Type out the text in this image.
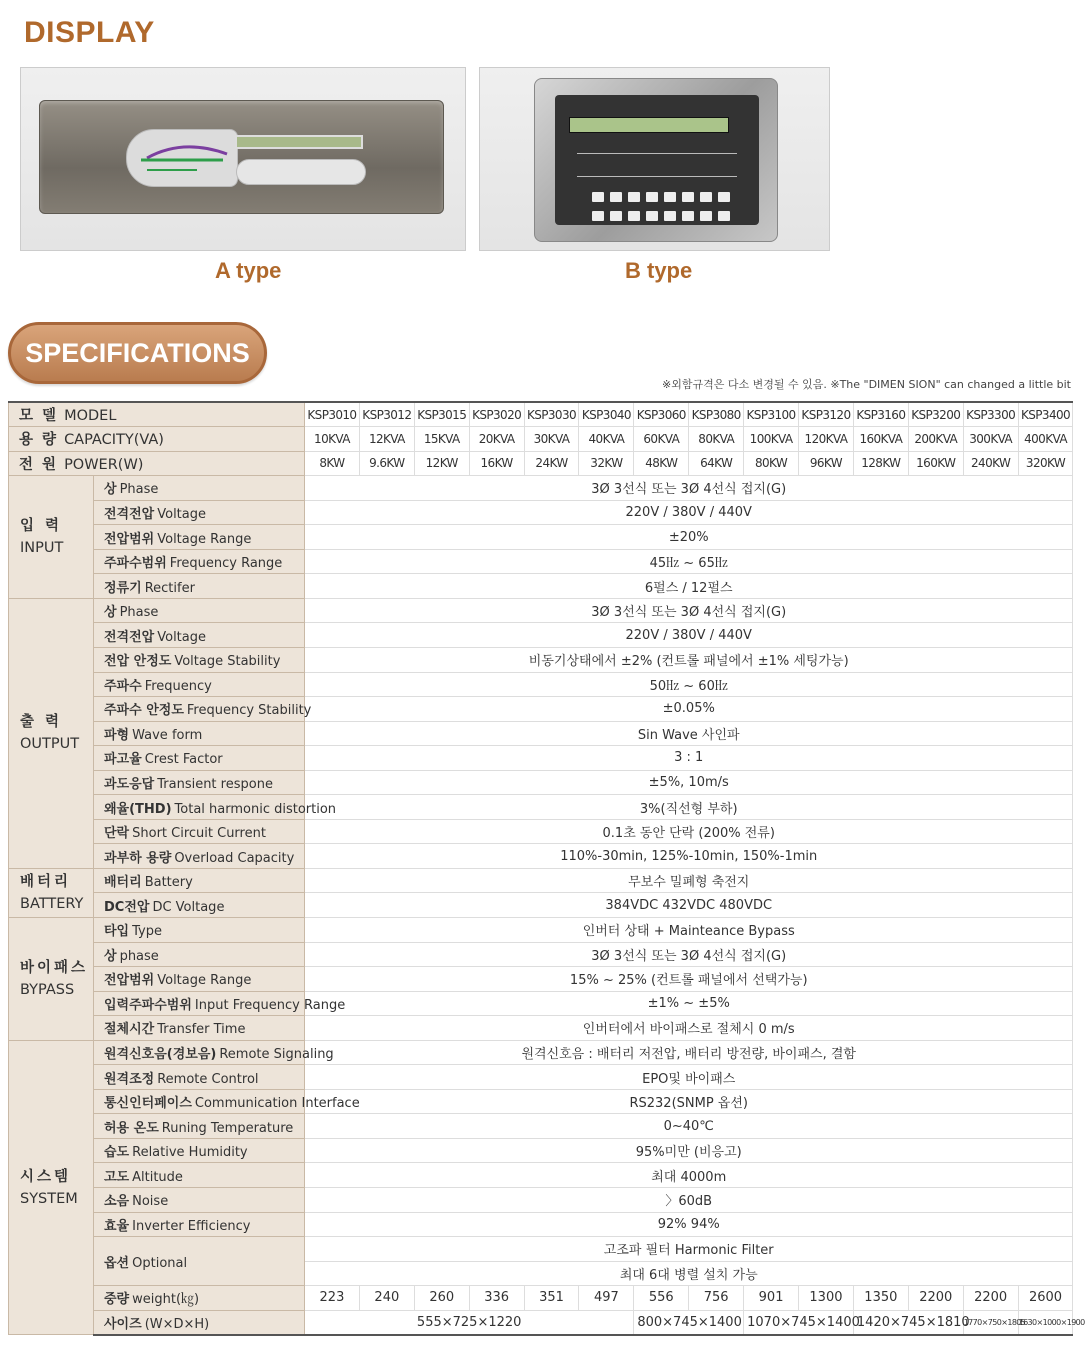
DISPLAY

A type	B type
SPECIFICATIONS
※외함규격은 다소 변경될 수 있음. ※The "DIMEN SION" can changed a little bit
모 델 MODEL		KSP3010	KSP3012	KSP3015	KSP3020	KSP3030	KSP3040	KSP3060	KSP3080	KSP3100	KSP3120	KSP3160	KSP3200	KSP3300	KSP3400
용 량 CAPACITY(VA)		10KVA	12KVA	15KVA	20KVA	30KVA	40KVA	60KVA	80KVA	100KVA	120KVA	160KVA	200KVA	300KVA	400KVA
전 원 POWER(W)		8KW	9.6KW	12KW	16KW	24KW	32KW	48KW	64KW	80KW	96KW	128KW	160KW	240KW	320KW

입 력
INPUT	상 Phase	3Ø 3선식 또는 3Ø 4선식 접지(G)													
	전격전압 Voltage	220V / 380V / 440V													
	전압범위 Voltage Range	±20%													
	주파수범위 Frequency Range	45㎐ ~ 65㎐													
	정류기 Rectifer	6펄스 / 12펄스													

출 력
OUTPUT	상 Phase	3Ø 3선식 또는 3Ø 4선식 접지(G)													
	전격전압 Voltage	220V / 380V / 440V													
	전압 안정도 Voltage Stability	비동기상태에서 ±2% (컨트롤 패널에서 ±1% 세팅가능)													
	주파수 Frequency	50㎐ ~ 60㎐													
	주파수 안정도 Frequency Stability	±0.05%													
	파형 Wave form	Sin Wave 사인파													
	파고율 Crest Factor	3 : 1													
	과도응답 Transient respone	±5%, 10m/s													
	왜율(THD) Total harmonic distortion	3%(직선형 부하)													
	단락 Short Circuit Current	0.1초 동안 단락 (200% 전류)													
	과부하 용량 Overload Capacity	110%-30min, 125%-10min, 150%-1min													

배터리
BATTERY	배터리 Battery	무보수 밀폐형 축전지													
	DC전압 DC Voltage	384VDC 432VDC 480VDC													

바이패스
BYPASS	타입 Type	인버터 상태 + Mainteance Bypass													
	상 phase	3Ø 3선식 또는 3Ø 4선식 접지(G)													
	전압범위 Voltage Range	15% ~ 25% (컨트롤 패널에서 선택가능)													
	입력주파수범위 Input Frequency Range	±1% ~ ±5%													
	절체시간 Transfer Time	인버터에서 바이패스로 절체시 0 m/s													

시스템
SYSTEM	원격신호음(경보음) Remote Signaling	원격신호음 : 배터리 저전압, 배터리 방전량, 바이패스, 결함													
	원격조정 Remote Control	EPO및 바이패스													
	통신인터페이스 Communication Interface	RS232(SNMP 옵션)													
	허용 온도 Runing Temperature	0~40℃													
	습도 Relative Humidity	95%미만 (비응고)													
	고도 Altitude	최대 4000m													
	소음 Noise	〉60dB													
	효율 Inverter Efficiency	92% 94%													
	옵션 Optional	고조파 필터 Harmonic Filter													
		최대 6대 병렬 설치 가능													
	중량 weight(㎏)	223	240	260	336	351	497	556	756	901	1300	1350	2200	2200	2600
	사이즈 (W×D×H)	555×725×1220						800×745×1400		1070×745×1400		1420×745×1810		1770×750×1805	1630×1000×1900
